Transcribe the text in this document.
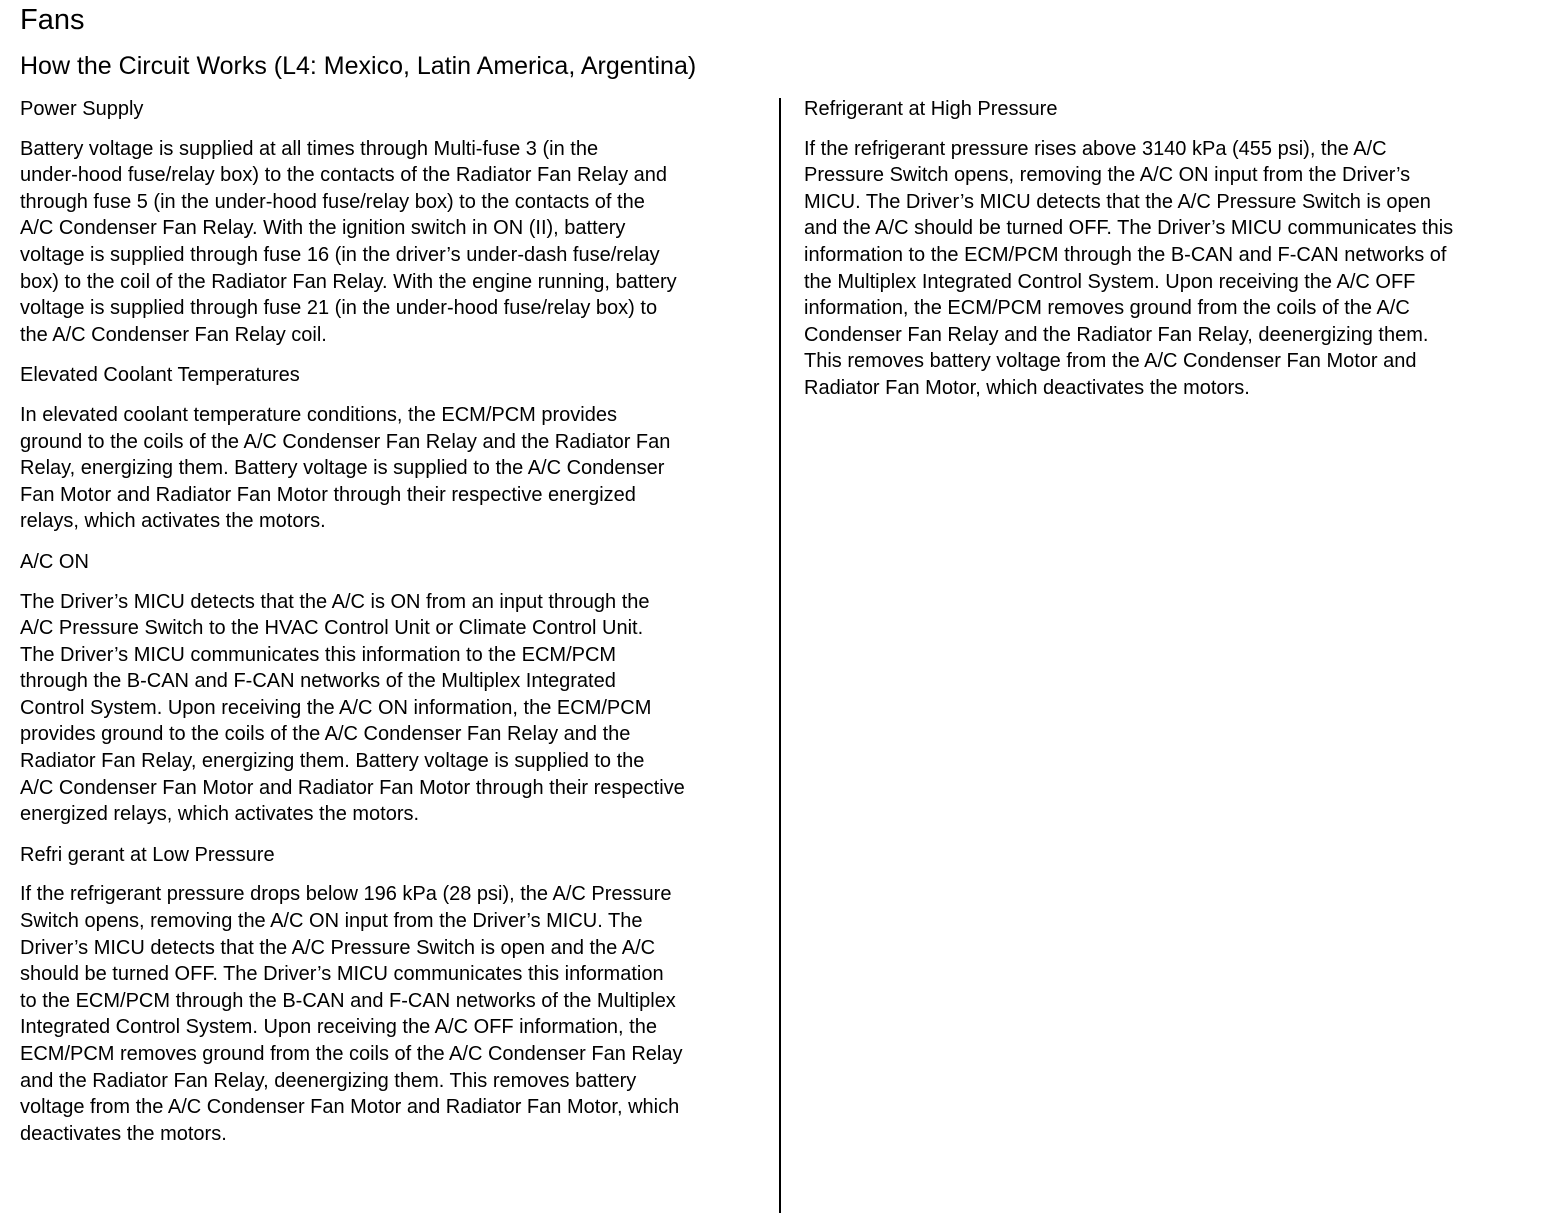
Fans
How the Circuit Works (L4: Mexico, Latin America, Argentina)

Power Supply

Battery voltage is supplied at all times through Multi-fuse 3 (in the
under-hood fuse/relay box) to the contacts of the Radiator Fan Relay and
through fuse 5 (in the under-hood fuse/relay box) to the contacts of the
A/C Condenser Fan Relay. With the ignition switch in ON (II), battery
voltage is supplied through fuse 16 (in the driver’s under-dash fuse/relay
box) to the coil of the Radiator Fan Relay. With the engine running, battery
voltage is supplied through fuse 21 (in the under-hood fuse/relay box) to
the A/C Condenser Fan Relay coil.

Elevated Coolant Temperatures

In elevated coolant temperature conditions, the ECM/PCM provides
ground to the coils of the A/C Condenser Fan Relay and the Radiator Fan
Relay, energizing them. Battery voltage is supplied to the A/C Condenser
Fan Motor and Radiator Fan Motor through their respective energized
relays, which activates the motors.

A/C ON

The Driver’s MICU detects that the A/C is ON from an input through the
A/C Pressure Switch to the HVAC Control Unit or Climate Control Unit.
The Driver’s MICU communicates this information to the ECM/PCM
through the B-CAN and F-CAN networks of the Multiplex Integrated
Control System. Upon receiving the A/C ON information, the ECM/PCM
provides ground to the coils of the A/C Condenser Fan Relay and the
Radiator Fan Relay, energizing them. Battery voltage is supplied to the
A/C Condenser Fan Motor and Radiator Fan Motor through their respective
energized relays, which activates the motors.

Refri gerant at Low Pressure

If the refrigerant pressure drops below 196 kPa (28 psi), the A/C Pressure
Switch opens, removing the A/C ON input from the Driver’s MICU. The
Driver’s MICU detects that the A/C Pressure Switch is open and the A/C
should be turned OFF. The Driver’s MICU communicates this information
to the ECM/PCM through the B-CAN and F-CAN networks of the Multiplex
Integrated Control System. Upon receiving the A/C OFF information, the
ECM/PCM removes ground from the coils of the A/C Condenser Fan Relay
and the Radiator Fan Relay, deenergizing them. This removes battery
voltage from the A/C Condenser Fan Motor and Radiator Fan Motor, which
deactivates the motors.

Refrigerant at High Pressure

If the refrigerant pressure rises above 3140 kPa (455 psi), the A/C
Pressure Switch opens, removing the A/C ON input from the Driver’s
MICU. The Driver’s MICU detects that the A/C Pressure Switch is open
and the A/C should be turned OFF. The Driver’s MICU communicates this
information to the ECM/PCM through the B-CAN and F-CAN networks of
the Multiplex Integrated Control System. Upon receiving the A/C OFF
information, the ECM/PCM removes ground from the coils of the A/C
Condenser Fan Relay and the Radiator Fan Relay, deenergizing them.
This removes battery voltage from the A/C Condenser Fan Motor and
Radiator Fan Motor, which deactivates the motors.
